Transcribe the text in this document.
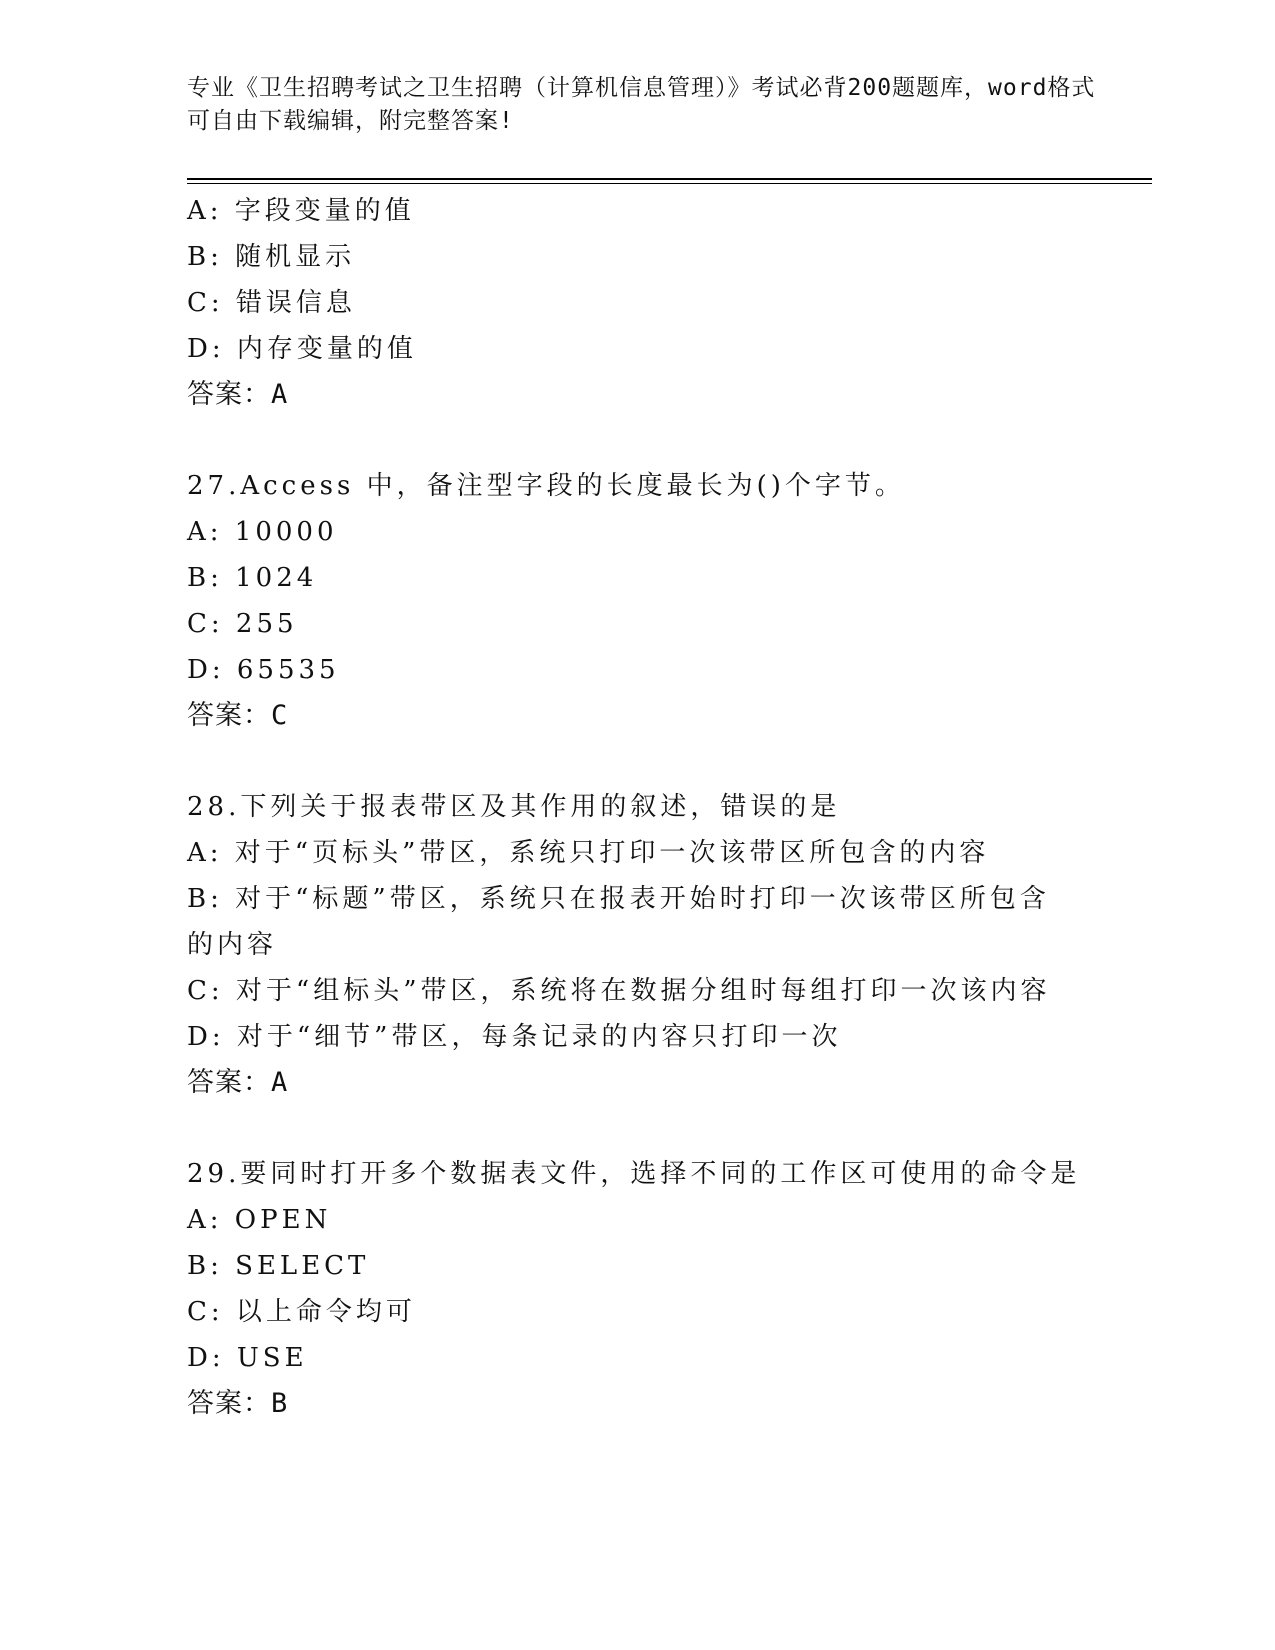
专业《卫生招聘考试之卫生招聘（计算机信息管理）》考试必背200题题库，word格式可自由下载编辑，附完整答案!
A: 字段变量的值
B: 随机显示
C: 错误信息
D: 内存变量的值
答案：A
27.Access 中，备注型字段的长度最长为()个字节。
A: 10000
B: 1024
C: 255
D: 65535
答案：C
28.下列关于报表带区及其作用的叙述，错误的是
A: 对于“页标头”带区，系统只打印一次该带区所包含的内容
B: 对于“标题”带区，系统只在报表开始时打印一次该带区所包含的内容
C: 对于“组标头”带区，系统将在数据分组时每组打印一次该内容
D: 对于“细节”带区，每条记录的内容只打印一次
答案：A
29.要同时打开多个数据表文件，选择不同的工作区可使用的命令是
A: OPEN
B: SELECT
C: 以上命令均可
D: USE
答案：B
